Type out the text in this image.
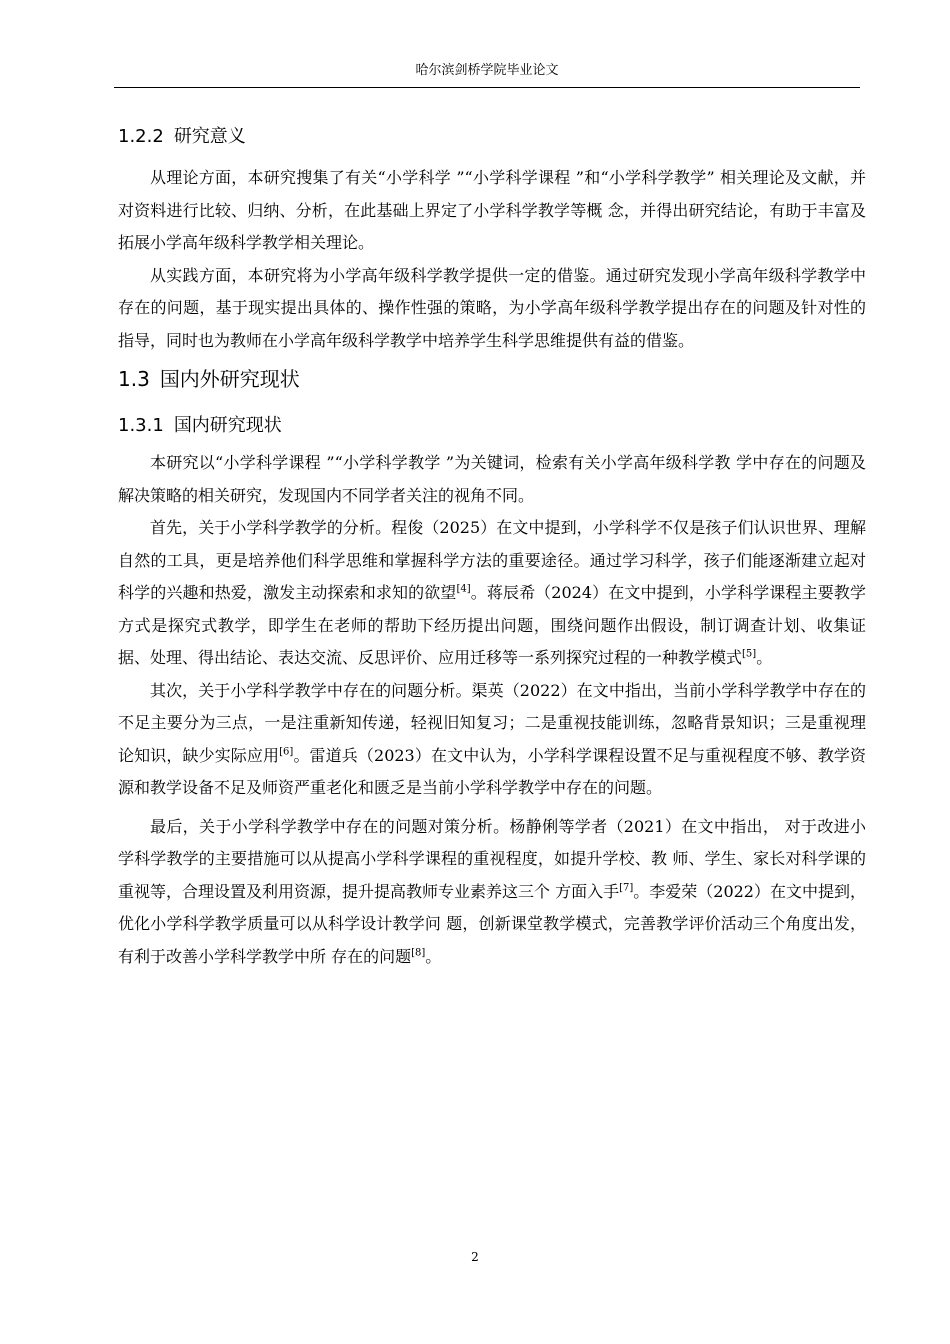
哈尔滨剑桥学院毕业论文
1.2.2 研究意义

从理论方面，本研究搜集了有关“小学科学 ”“小学科学课程 ”和“小学科学教学” 相关理论及文献，并对资料进行比较、归纳、分析，在此基础上界定了小学科学教学等概 念，并得出研究结论，有助于丰富及拓展小学高年级科学教学相关理论。

从实践方面，本研究将为小学高年级科学教学提供一定的借鉴。通过研究发现小学高年级科学教学中存在的问题，基于现实提出具体的、操作性强的策略，为小学高年级科学教学提出存在的问题及针对性的指导，同时也为教师在小学高年级科学教学中培养学生科学思维提供有益的借鉴。

1.3 国内外研究现状
1.3.1 国内研究现状

本研究以“小学科学课程 ”“小学科学教学 ”为关键词，检索有关小学高年级科学教 学中存在的问题及解决策略的相关研究，发现国内不同学者关注的视角不同。

首先，关于小学科学教学的分析。程俊（2025）在文中提到，小学科学不仅是孩子们认识世界、理解自然的工具，更是培养他们科学思维和掌握科学方法的重要途径。通过学习科学，孩子们能逐渐建立起对科学的兴趣和热爱，激发主动探索和求知的欲望[4]。蒋辰希（2024）在文中提到，小学科学课程主要教学方式是探究式教学，即学生在老师的帮助下经历提出问题，围绕问题作出假设，制订调查计划、收集证据、处理、得出结论、表达交流、反思评价、应用迁移等一系列探究过程的一种教学模式[5]。

其次，关于小学科学教学中存在的问题分析。渠英（2022）在文中指出，当前小学科学教学中存在的不足主要分为三点，一是注重新知传递，轻视旧知复习；二是重视技能训练，忽略背景知识；三是重视理论知识，缺少实际应用[6]。雷道兵（2023）在文中认为，小学科学课程设置不足与重视程度不够、教学资源和教学设备不足及师资严重老化和匮乏是当前小学科学教学中存在的问题。

最后，关于小学科学教学中存在的问题对策分析。杨静俐等学者（2021）在文中指出， 对于改进小学科学教学的主要措施可以从提高小学科学课程的重视程度，如提升学校、教 师、学生、家长对科学课的重视等，合理设置及利用资源，提升提高教师专业素养这三个 方面入手[7]。李爱荣（2022）在文中提到，优化小学科学教学质量可以从科学设计教学问 题，创新课堂教学模式，完善教学评价活动三个角度出发，有利于改善小学科学教学中所 存在的问题[8]。

2
